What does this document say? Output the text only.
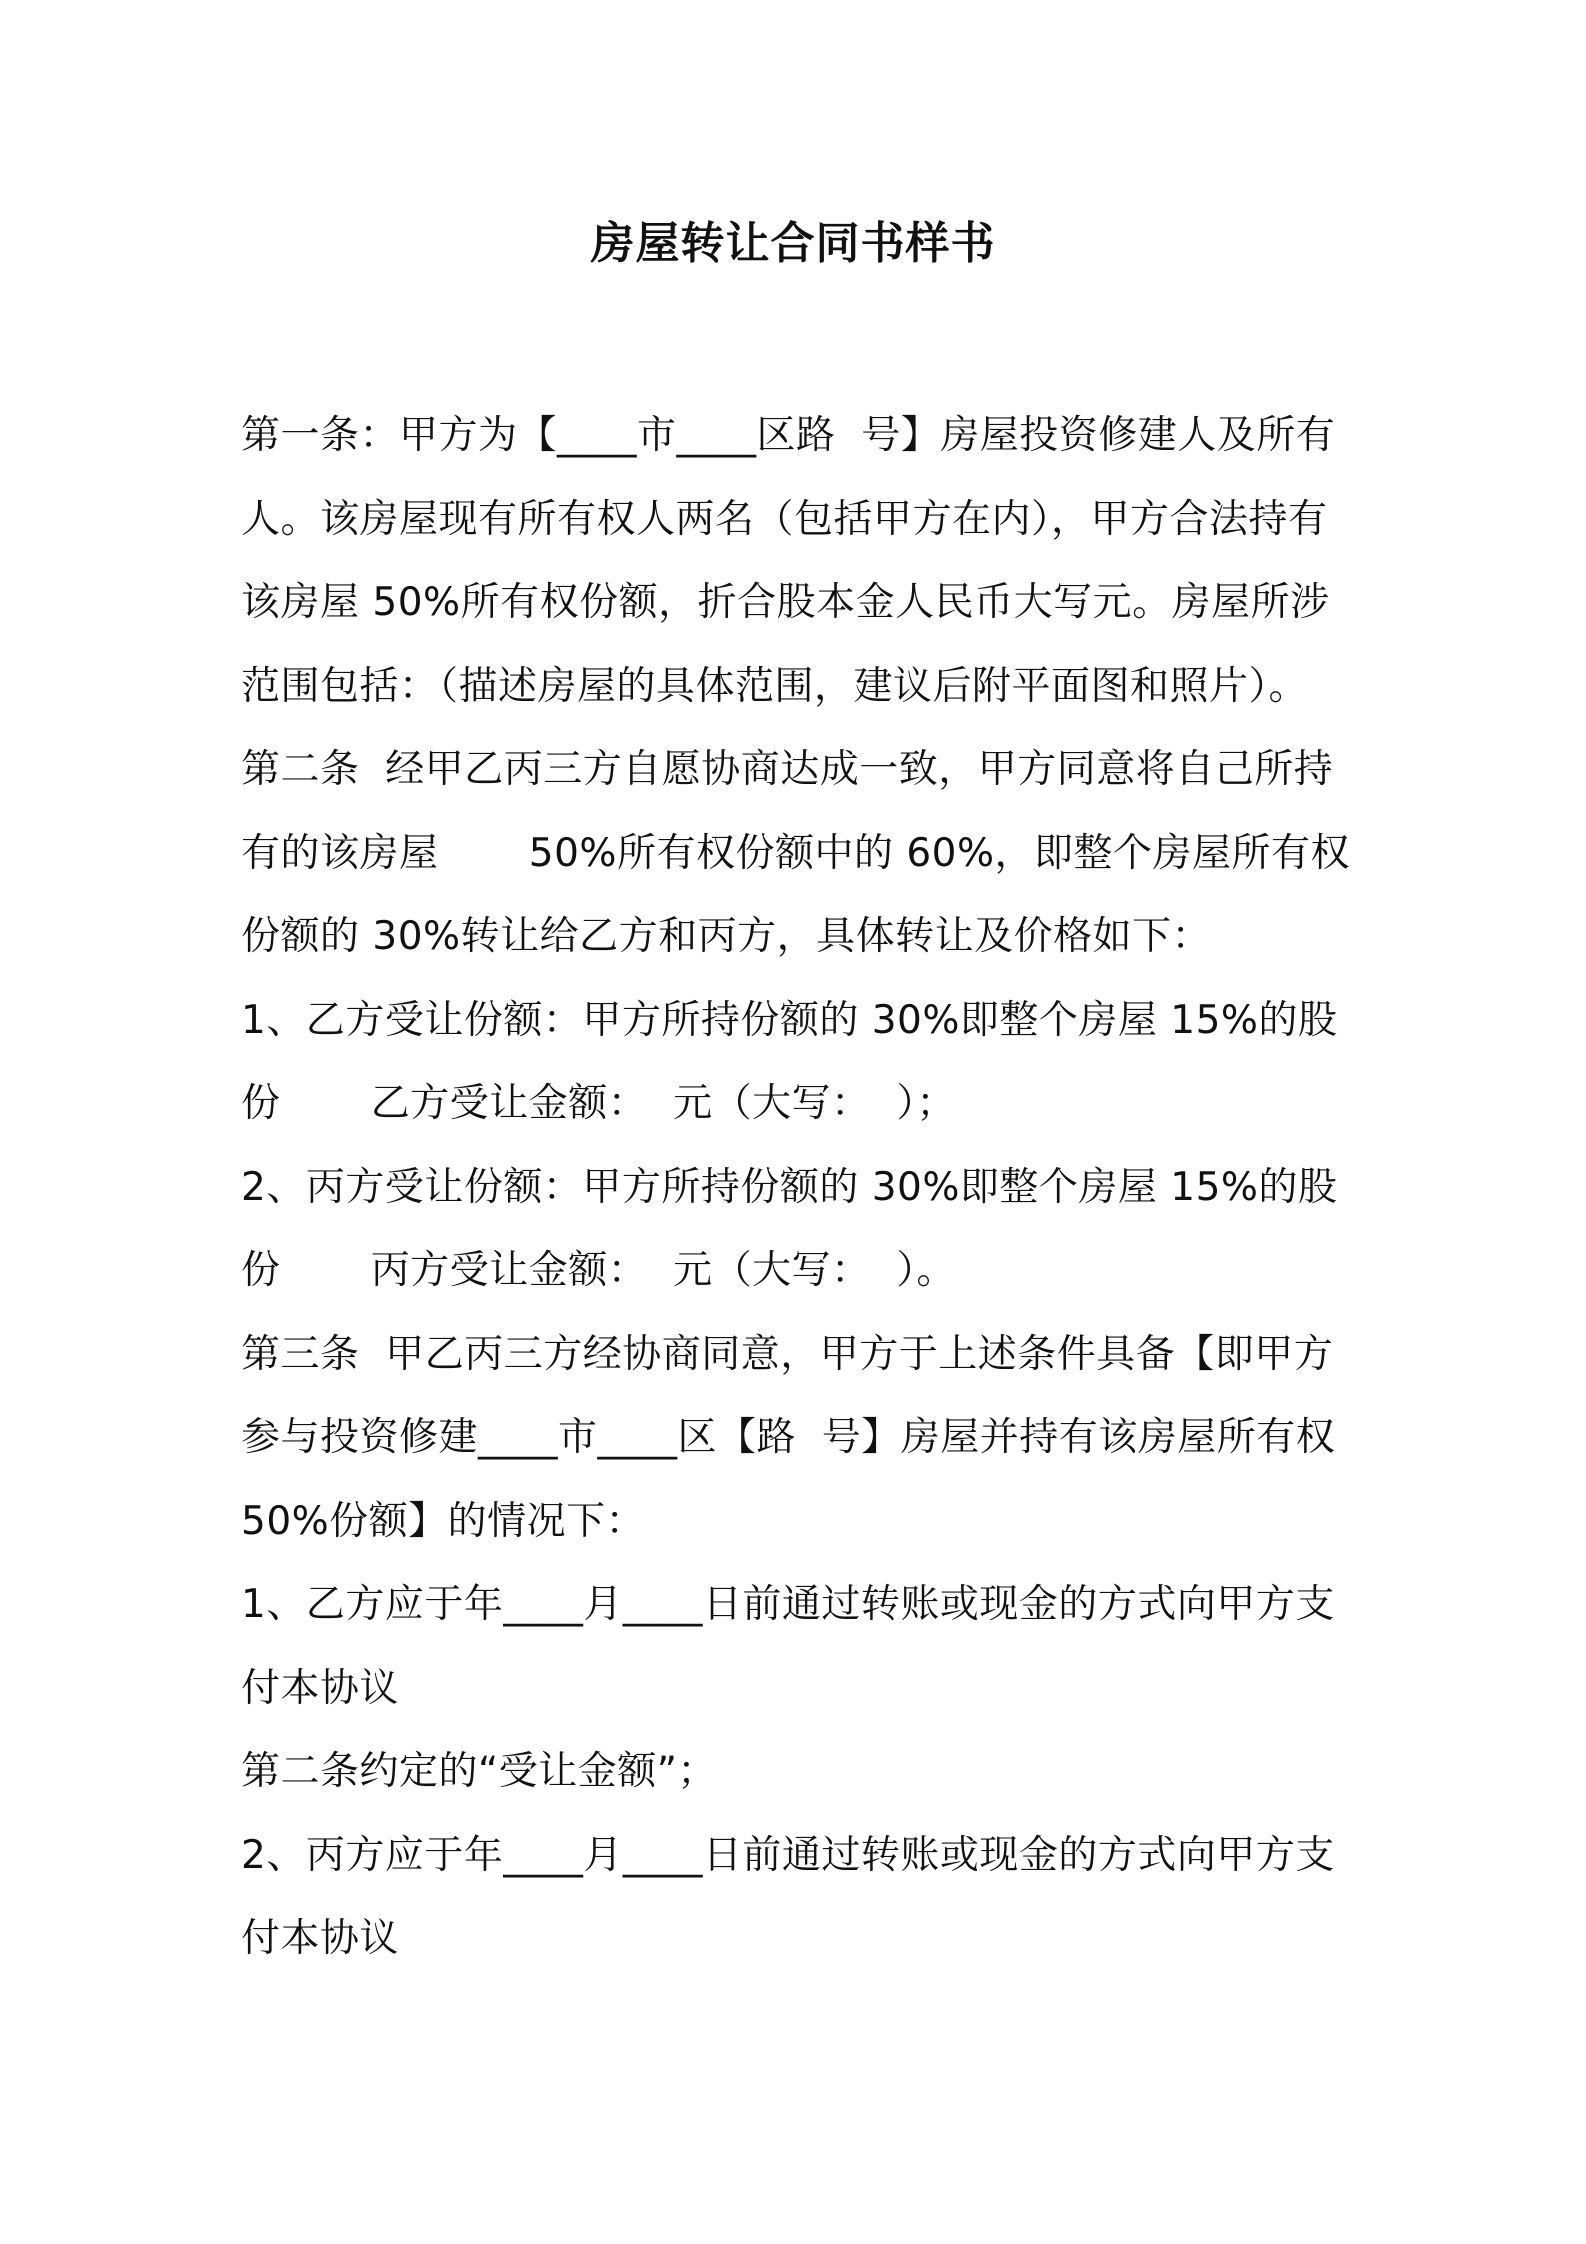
房屋转让合同书样书
第一条：甲方为【____市____区路  号】房屋投资修建人及所有
人。该房屋现有所有权人两名（包括甲方在内），甲方合法持有
该房屋 50%所有权份额，折合股本金人民币大写元。房屋所涉
范围包括：（描述房屋的具体范围，建议后附平面图和照片）。
第二条  经甲乙丙三方自愿协商达成一致，甲方同意将自己所持
有的该房屋       50%所有权份额中的 60%，即整个房屋所有权
份额的 30%转让给乙方和丙方，具体转让及价格如下：
1、乙方受让份额：甲方所持份额的 30%即整个房屋 15%的股
份       乙方受让金额：  元（大写：  ）；
2、丙方受让份额：甲方所持份额的 30%即整个房屋 15%的股
份       丙方受让金额：  元（大写：  ）。
第三条  甲乙丙三方经协商同意，甲方于上述条件具备【即甲方
参与投资修建____市____区【路  号】房屋并持有该房屋所有权
50%份额】的情况下：
1、乙方应于年____月____日前通过转账或现金的方式向甲方支
付本协议
第二条约定的“受让金额”；
2、丙方应于年____月____日前通过转账或现金的方式向甲方支
付本协议
